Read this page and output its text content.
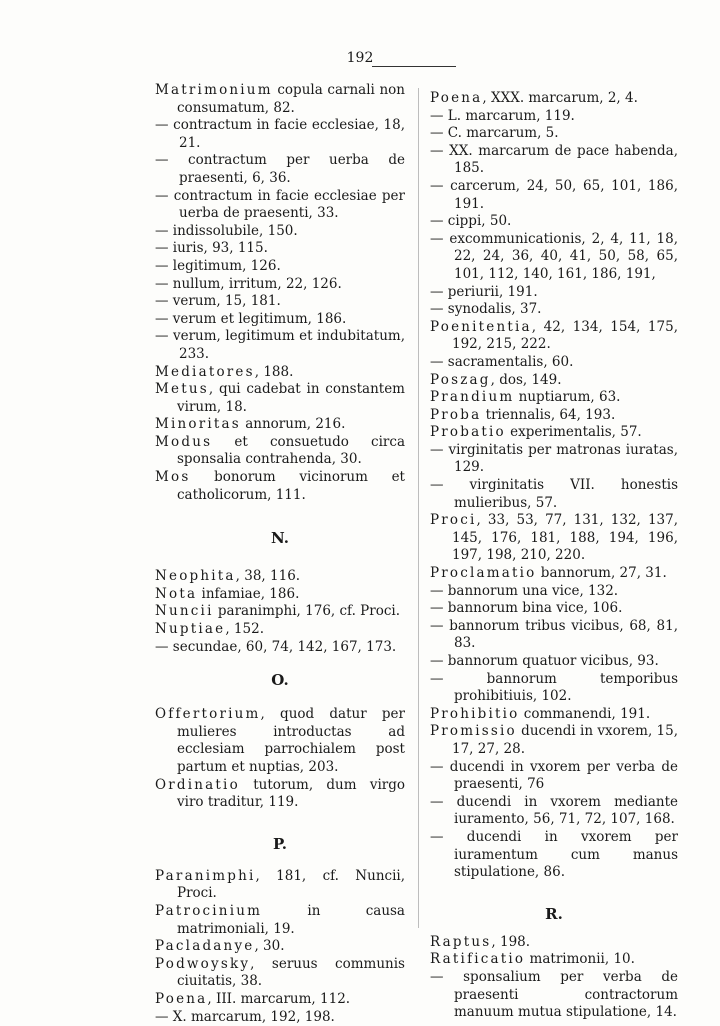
192
Matrimonium copula carnali non consumatum, 82.
— contractum in facie ecclesiae, 18, 21.
— contractum per uerba de praesenti, 6, 36.
— contractum in facie ecclesiae per uerba de praesenti, 33.
— indissolubile, 150.
— iuris, 93, 115.
— legitimum, 126.
— nullum, irritum, 22, 126.
— verum, 15, 181.
— verum et legitimum, 186.
— verum, legitimum et indubitatum, 233.
Mediatores, 188.
Metus, qui cadebat in constantem virum, 18.
Minoritas annorum, 216.
Modus et consuetudo circa sponsalia contrahenda, 30.
Mos bonorum vicinorum et catholicorum, 111.
N.
Neophita, 38, 116.
Nota infamiae, 186.
Nuncii paranimphi, 176, cf. Proci.
Nuptiae, 152.
— secundae, 60, 74, 142, 167, 173.
O.
Offertorium, quod datur per mulieres introductas ad ecclesiam parrochialem post partum et nuptias, 203.
Ordinatio tutorum, dum virgo viro traditur, 119.
P.
Paranimphi, 181, cf. Nuncii, Proci.
Patrocinium in causa matrimoniali, 19.
Pacladanye, 30.
Podwoysky, seruus communis ciuitatis, 38.
Poena, III. marcarum, 112.
— X. marcarum, 192, 198.
Poena, XXX. marcarum, 2, 4.
— L. marcarum, 119.
— C. marcarum, 5.
— XX. marcarum de pace habenda, 185.
— carcerum, 24, 50, 65, 101, 186, 191.
— cippi, 50.
— excommunicationis, 2, 4, 11, 18, 22, 24, 36, 40, 41, 50, 58, 65, 101, 112, 140, 161, 186, 191,
— periurii, 191.
— synodalis, 37.
Poenitentia, 42, 134, 154, 175, 192, 215, 222.
— sacramentalis, 60.
Poszag, dos, 149.
Prandium nuptiarum, 63.
Proba triennalis, 64, 193.
Probatio experimentalis, 57.
— virginitatis per matronas iuratas, 129.
— virginitatis VII. honestis mulieribus, 57.
Proci, 33, 53, 77, 131, 132, 137, 145, 176, 181, 188, 194, 196, 197, 198, 210, 220.
Proclamatio bannorum, 27, 31.
— bannorum una vice, 132.
— bannorum bina vice, 106.
— bannorum tribus vicibus, 68, 81, 83.
— bannorum quatuor vicibus, 93.
— bannorum temporibus prohibitiuis, 102.
Prohibitio commanendi, 191.
Promissio ducendi in vxorem, 15, 17, 27, 28.
— ducendi in vxorem per verba de praesenti, 76
— ducendi in vxorem mediante iuramento, 56, 71, 72, 107, 168.
— ducendi in vxorem per iuramentum cum manus stipulatione, 86.
R.
Raptus, 198.
Ratificatio matrimonii, 10.
— sponsalium per verba de praesenti contractorum manuum mutua stipulatione, 14.
